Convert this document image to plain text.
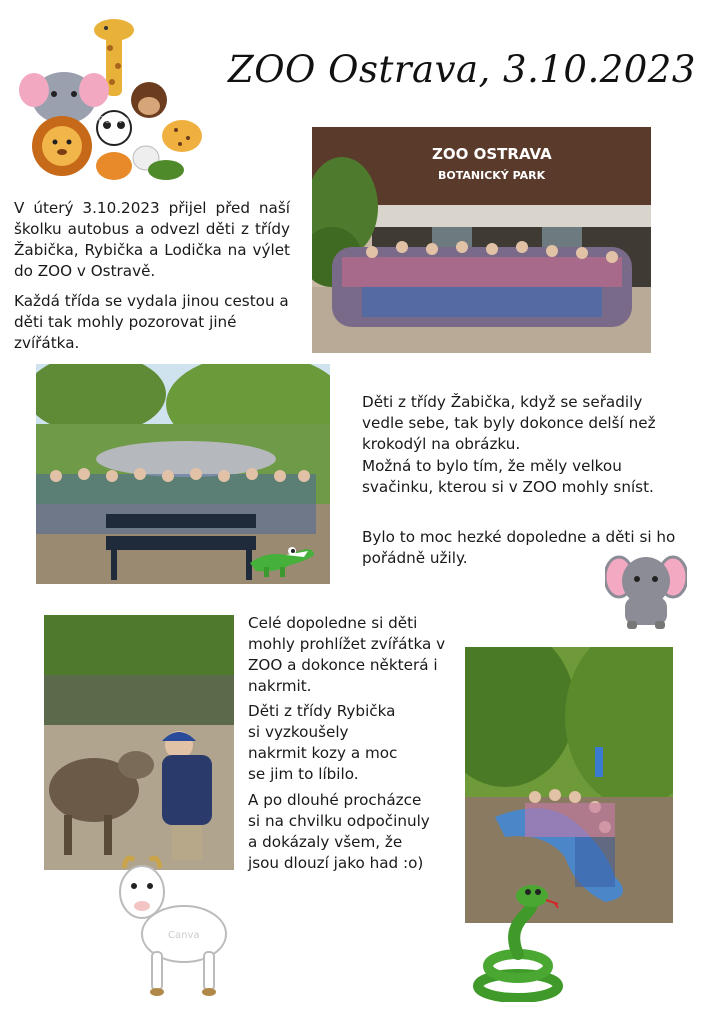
ZOO Ostrava, 3.10.2023
Canva

V úterý 3.10.2023 přijel před naší školku autobus a odvezl děti z třídy Žabička, Rybička a Lodička na výlet do ZOO v Ostravě.

Každá třída se vydala jinou cestou a děti tak mohly pozorovat jiné zvířátka.

ZOO OSTRAVA
BOTANICKÝ PARK

Děti z třídy Žabička, když se seřadily vedle sebe, tak byly dokonce delší než krokodýl na obrázku.

Možná to bylo tím, že měly velkou svačinku, kterou si v ZOO mohly sníst.

Bylo to moc hezké dopoledne a děti si ho pořádně užily.

Celé dopoledne si děti mohly prohlížet zvířátka v ZOO a dokonce některá i nakrmit.

Děti z třídy Rybička si vyzkoušely nakrmit kozy a moc se jim to líbilo.

A po dlouhé procházce si na chvilku odpočinuly a dokázaly všem, že jsou dlouzí jako had :o)

Canva
